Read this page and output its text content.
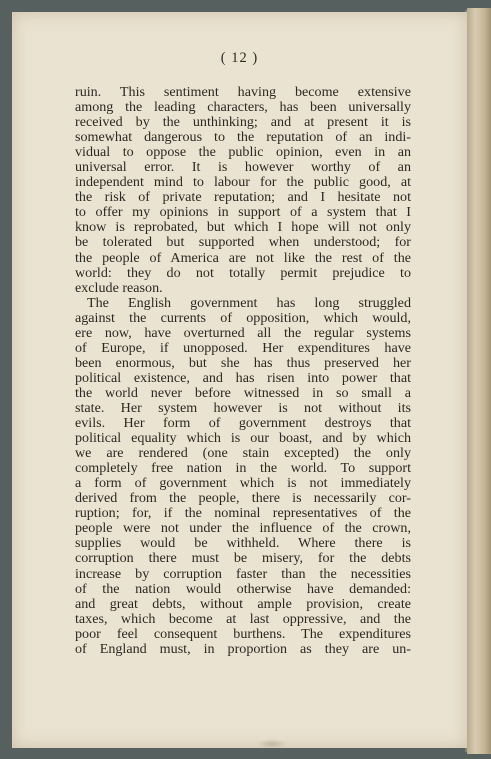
( 12 )
ruin. This sentiment having become extensive
among the leading characters, has been universally
received by the unthinking; and at present it is
somewhat dangerous to the reputation of an indi-
vidual to oppose the public opinion, even in an
universal error. It is however worthy of an
independent mind to labour for the public good, at
the risk of private reputation; and I hesitate not
to offer my opinions in support of a system that I
know is reprobated, but which I hope will not only
be tolerated but supported when understood; for
the people of America are not like the rest of the
world: they do not totally permit prejudice to
exclude reason.
The English government has long struggled
against the currents of opposition, which would,
ere now, have overturned all the regular systems
of Europe, if unopposed. Her expenditures have
been enormous, but she has thus preserved her
political existence, and has risen into power that
the world never before witnessed in so small a
state. Her system however is not without its
evils. Her form of government destroys that
political equality which is our boast, and by which
we are rendered (one stain excepted) the only
completely free nation in the world. To support
a form of government which is not immediately
derived from the people, there is necessarily cor-
ruption; for, if the nominal representatives of the
people were not under the influence of the crown,
supplies would be withheld. Where there is
corruption there must be misery, for the debts
increase by corruption faster than the necessities
of the nation would otherwise have demanded:
and great debts, without ample provision, create
taxes, which become at last oppressive, and the
poor feel consequent burthens. The expenditures
of England must, in proportion as they are un-
